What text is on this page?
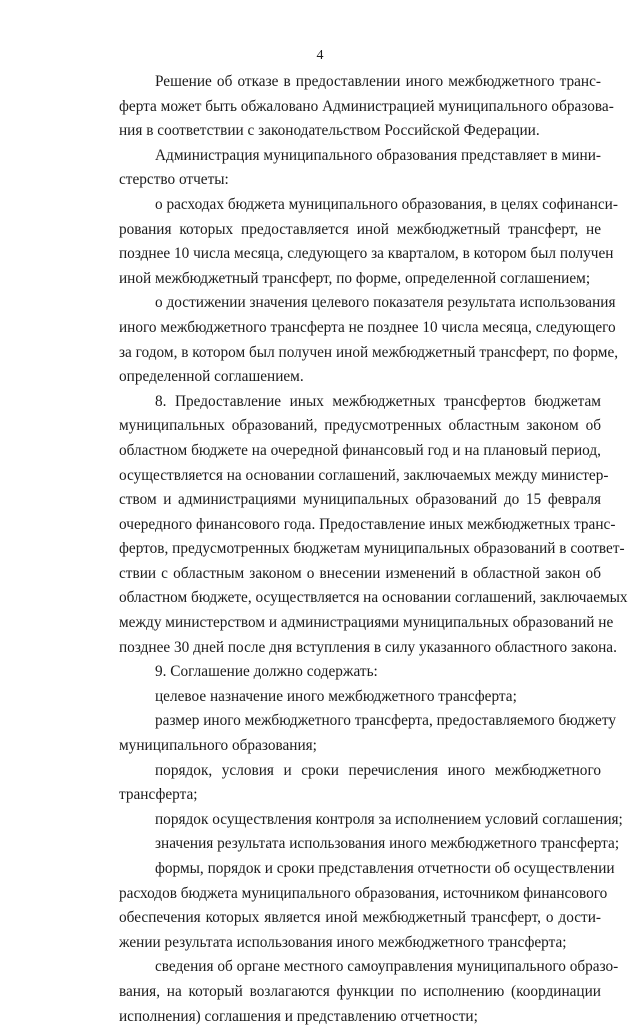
4
Решение об отказе в предоставлении иного межбюджетного транс-
ферта может быть обжаловано Администрацией муниципального образова-
ния в соответствии с законодательством Российской Федерации.
Администрация муниципального образования представляет в мини-
стерство отчеты:
о расходах бюджета муниципального образования, в целях софинанси-
рования которых предоставляется иной межбюджетный трансферт, не
позднее 10 числа месяца, следующего за кварталом, в котором был получен
иной межбюджетный трансферт, по форме, определенной соглашением;
о достижении значения целевого показателя результата использования
иного межбюджетного трансферта не позднее 10 числа месяца, следующего
за годом, в котором был получен иной межбюджетный трансферт, по форме,
определенной соглашением.
8. Предоставление иных межбюджетных трансфертов бюджетам
муниципальных образований, предусмотренных областным законом об
областном бюджете на очередной финансовый год и на плановый период,
осуществляется на основании соглашений, заключаемых между министер-
ством и администрациями муниципальных образований до 15 февраля
очередного финансового года. Предоставление иных межбюджетных транс-
фертов, предусмотренных бюджетам муниципальных образований в соответ-
ствии с областным законом о внесении изменений в областной закон об
областном бюджете, осуществляется на основании соглашений, заключаемых
между министерством и администрациями муниципальных образований не
позднее 30 дней после дня вступления в силу указанного областного закона.
9. Соглашение должно содержать:
целевое назначение иного межбюджетного трансферта;
размер иного межбюджетного трансферта, предоставляемого бюджету
муниципального образования;
порядок, условия и сроки перечисления иного межбюджетного
трансферта;
порядок осуществления контроля за исполнением условий соглашения;
значения результата использования иного межбюджетного трансферта;
формы, порядок и сроки представления отчетности об осуществлении
расходов бюджета муниципального образования, источником финансового
обеспечения которых является иной межбюджетный трансферт, о дости-
жении результата использования иного межбюджетного трансферта;
сведения об органе местного самоуправления муниципального образо-
вания, на который возлагаются функции по исполнению (координации
исполнения) соглашения и представлению отчетности;
